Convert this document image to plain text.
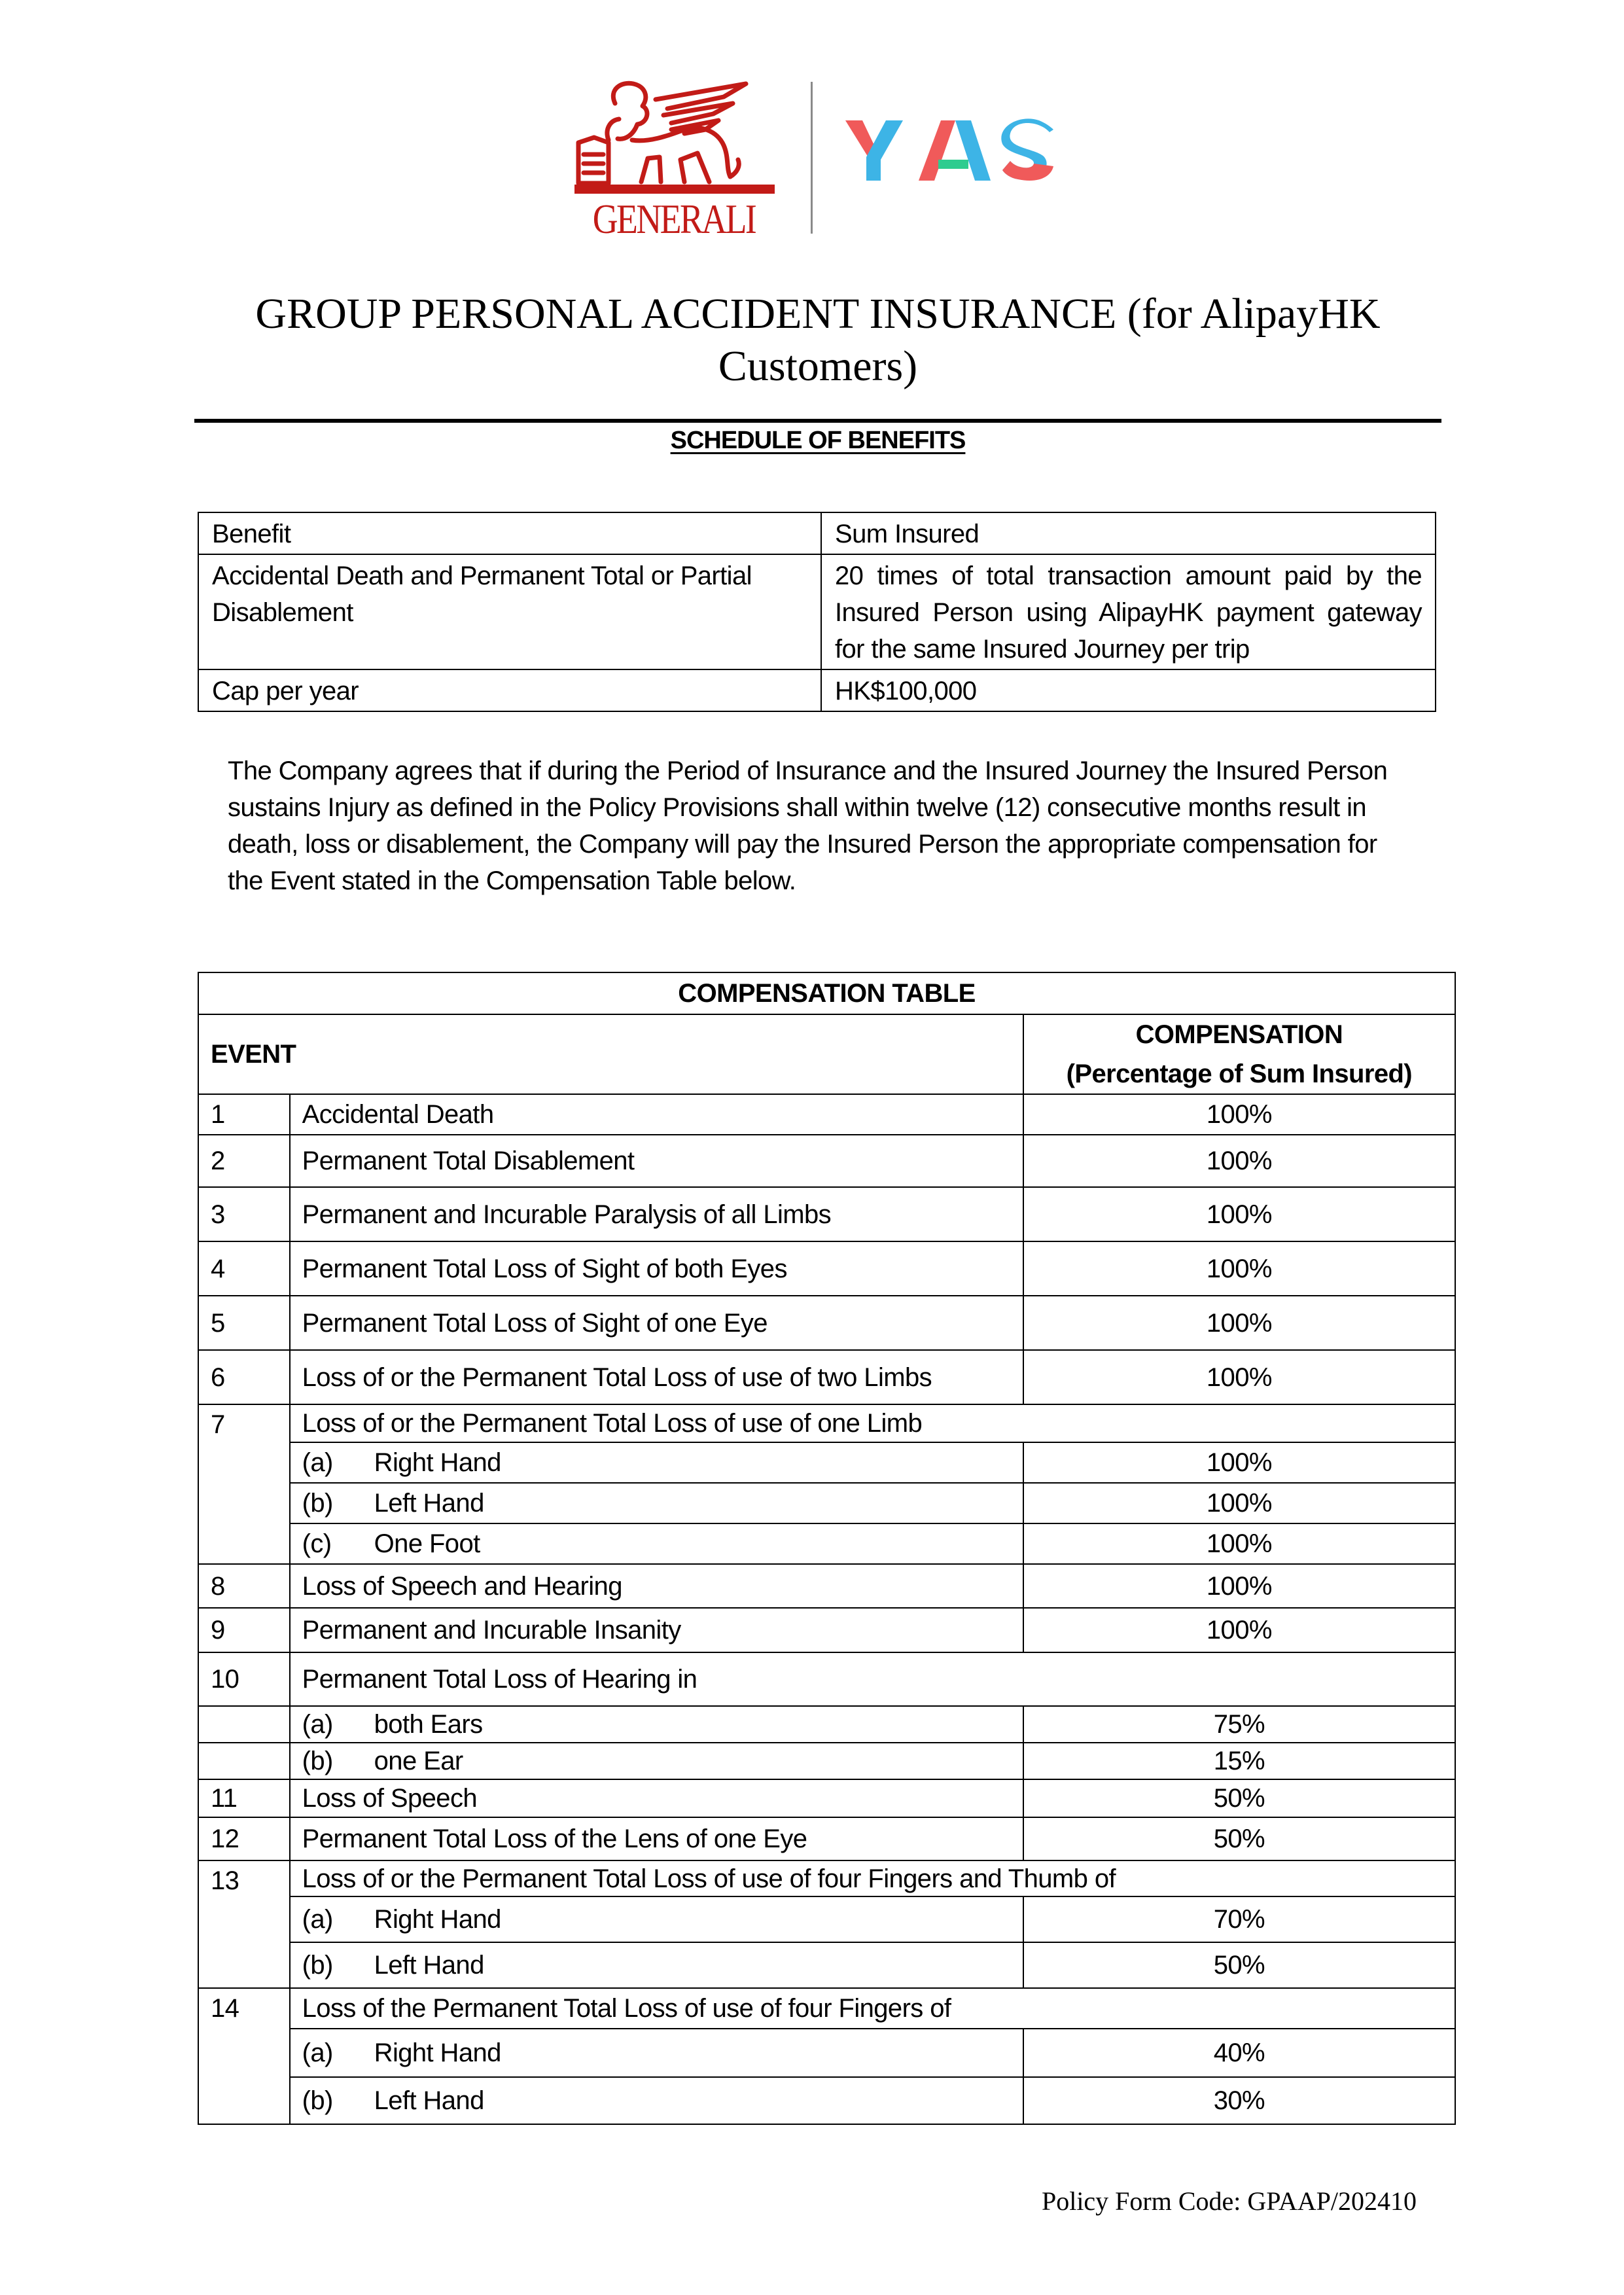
GENERALI
GROUP PERSONAL ACCIDENT INSURANCE (for AlipayHK
Customers)
SCHEDULE OF BENEFITS
Benefit	Sum Insured
Accidental Death and Permanent Total or Partial Disablement	20 times of total transaction amount paid by the Insured Person using AlipayHK payment gateway for the same Insured Journey per trip
Cap per year	HK$100,000
The Company agrees that if during the Period of Insurance and the Insured Journey the Insured Person sustains Injury as defined in the Policy Provisions shall within twelve (12) consecutive months result in death, loss or disablement, the Company will pay the Insured Person the appropriate compensation for the Event stated in the Compensation Table below.
COMPENSATION TABLE		
EVENT		COMPENSATION
(Percentage of Sum Insured)

1	Accidental Death	100%
2	Permanent Total Disablement	100%
3	Permanent and Incurable Paralysis of all Limbs	100%
4	Permanent Total Loss of Sight of both Eyes	100%
5	Permanent Total Loss of Sight of one Eye	100%
6	Loss of or the Permanent Total Loss of use of two Limbs	100%
7	Loss of or the Permanent Total Loss of use of one Limb	
	(a) Right Hand	100%
	(b) Left Hand	100%
	(c) One Foot	100%
8	Loss of Speech and Hearing	100%
9	Permanent and Incurable Insanity	100%
10	Permanent Total Loss of Hearing in	
	(a) both Ears	75%
	(b) one Ear	15%
11	Loss of Speech	50%
12	Permanent Total Loss of the Lens of one Eye	50%
13	Loss of or the Permanent Total Loss of use of four Fingers and Thumb of	
	(a) Right Hand	70%
	(b) Left Hand	50%
14	Loss of the Permanent Total Loss of use of four Fingers of	
	(a) Right Hand	40%
	(b) Left Hand	30%
Policy Form Code: GPAAP/202410
